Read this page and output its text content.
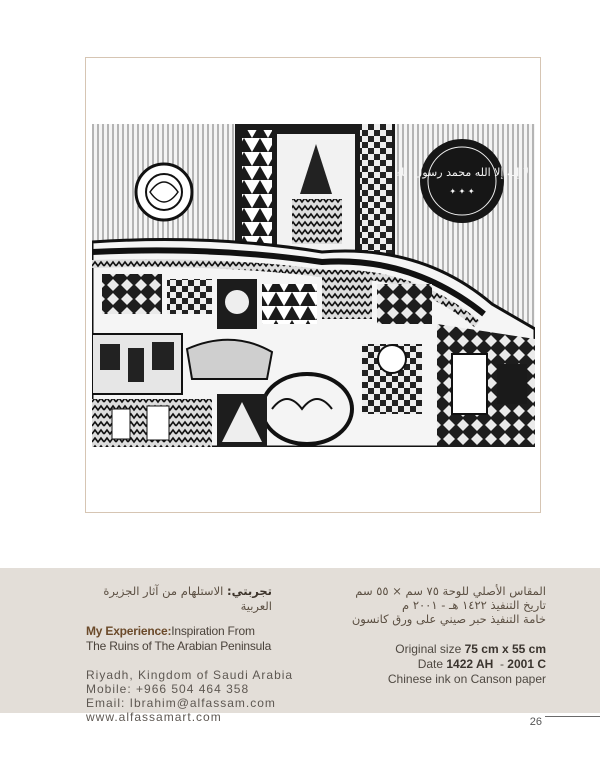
لا إله إلا الله محمد رسول الله
✦ ✦ ✦

تجربتي: الاستلهام من آثار الجزيرة العربية

My Experience:Inspiration From The Ruins of The Arabian Peninsula
Riyadh, Kingdom of Saudi Arabia
Mobile: +966 504 464 358
Email: Ibrahim@alfassam.com
www.alfassamart.com

المقاس الأصلي للوحة ٧٥ سم × ٥٥ سم

تاريخ التنفيذ ١٤٢٢ هـ - ٢٠٠١ م

خامة التنفيذ حبر صيني على ورق كانسون

Original size 75 cm x 55 cm
Date 1422 AH  - 2001 C
Chinese ink on Canson paper
26
